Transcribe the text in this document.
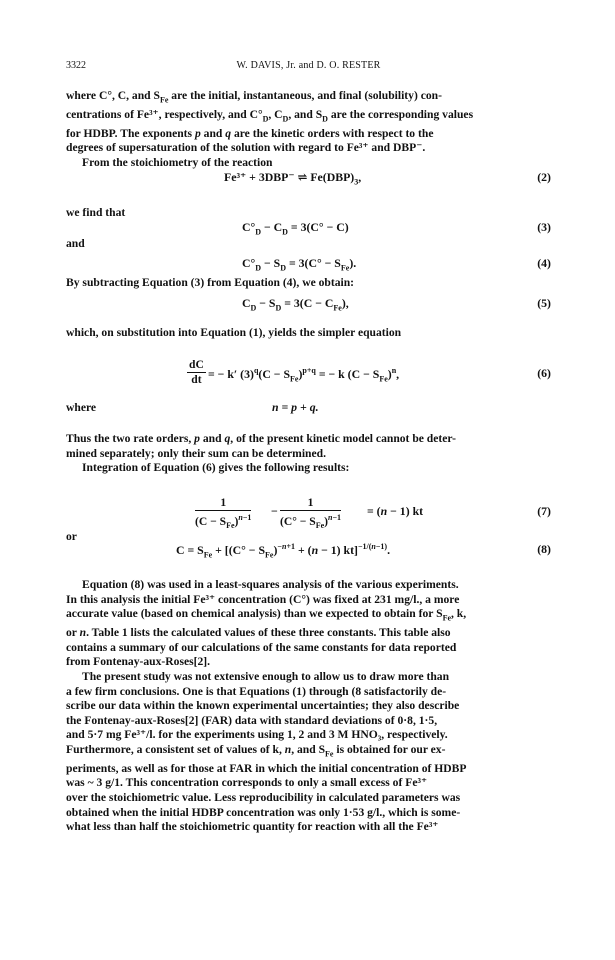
3322	W. DAVIS, Jr. and D. O. RESTER

where C°, C, and $S_{Fe}$ are the initial, instantaneous, and final (solubility) con-

centrations of Fe³⁺, respectively, and $C^\circ_D$, $C_D$, and $S_D$ are the corresponding values

for HDBP. The exponents p and q are the kinetic orders with respect to the

degrees of supersaturation of the solution with regard to Fe³⁺ and DBP⁻.

From the stoichiometry of the reaction

Fe³⁺ + 3DBP⁻ ⇌ $Fe(DBP)_3$,	(2)
we find that
$C^\circ_D - C_D = 3(C^\circ - C)$	(3)
and
$C^\circ_D - S_D = 3(C^\circ - S_{Fe})$.	(4)

By subtracting Equation (3) from Equation (4), we obtain:

$C_D - S_D = 3(C - C_{Fe})$,	(5)

which, on substitution into Equation (1), yields the simpler equation

$\frac{dC}{dt}$ = − k′ $(3)^q(C - S_{Fe})^{p+q}$ = − k $(C - S_{Fe})^n$,	(6)
where	n = p + q.

Thus the two rate orders, p and q, of the present kinetic model cannot be deter-

mined separately; only their sum can be determined.

Integration of Equation (6) gives the following results:

1
$(C - S_{Fe})^{n-1}$ −
1
$(C^\circ - S_{Fe})^{n-1} = (n - 1)$ kt	(7)
or
$C = S_{Fe} + [(C^\circ - S_{Fe})^{-n+1} + (n - 1)$ kt]$^{-1/(n-1)}$.	(8)

Equation (8) was used in a least-squares analysis of the various experiments.

In this analysis the initial Fe³⁺ concentration (C°) was fixed at 231 mg/l., a more

accurate value (based on chemical analysis) than we expected to obtain for $S_{Fe}$, k,

or n. Table 1 lists the calculated values of these three constants. This table also

contains a summary of our calculations of the same constants for data reported

from Fontenay-aux-Roses[2].

The present study was not extensive enough to allow us to draw more than

a few firm conclusions. One is that Equations (1) through (8 satisfactorily de-

scribe our data within the known experimental uncertainties; they also describe

the Fontenay-aux-Roses[2] (FAR) data with standard deviations of 0·8, 1·5,

and 5·7 mg Fe³⁺/l. for the experiments using 1, 2 and 3 M HNO₃, respectively.

Furthermore, a consistent set of values of k, n, and $S_{Fe}$ is obtained for our ex-

periments, as well as for those at FAR in which the initial concentration of HDBP

was ~ 3 g/1. This concentration corresponds to only a small excess of Fe³⁺

over the stoichiometric value. Less reproducibility in calculated parameters was

obtained when the initial HDBP concentration was only 1·53 g/l., which is some-

what less than half the stoichiometric quantity for reaction with all the Fe³⁺
